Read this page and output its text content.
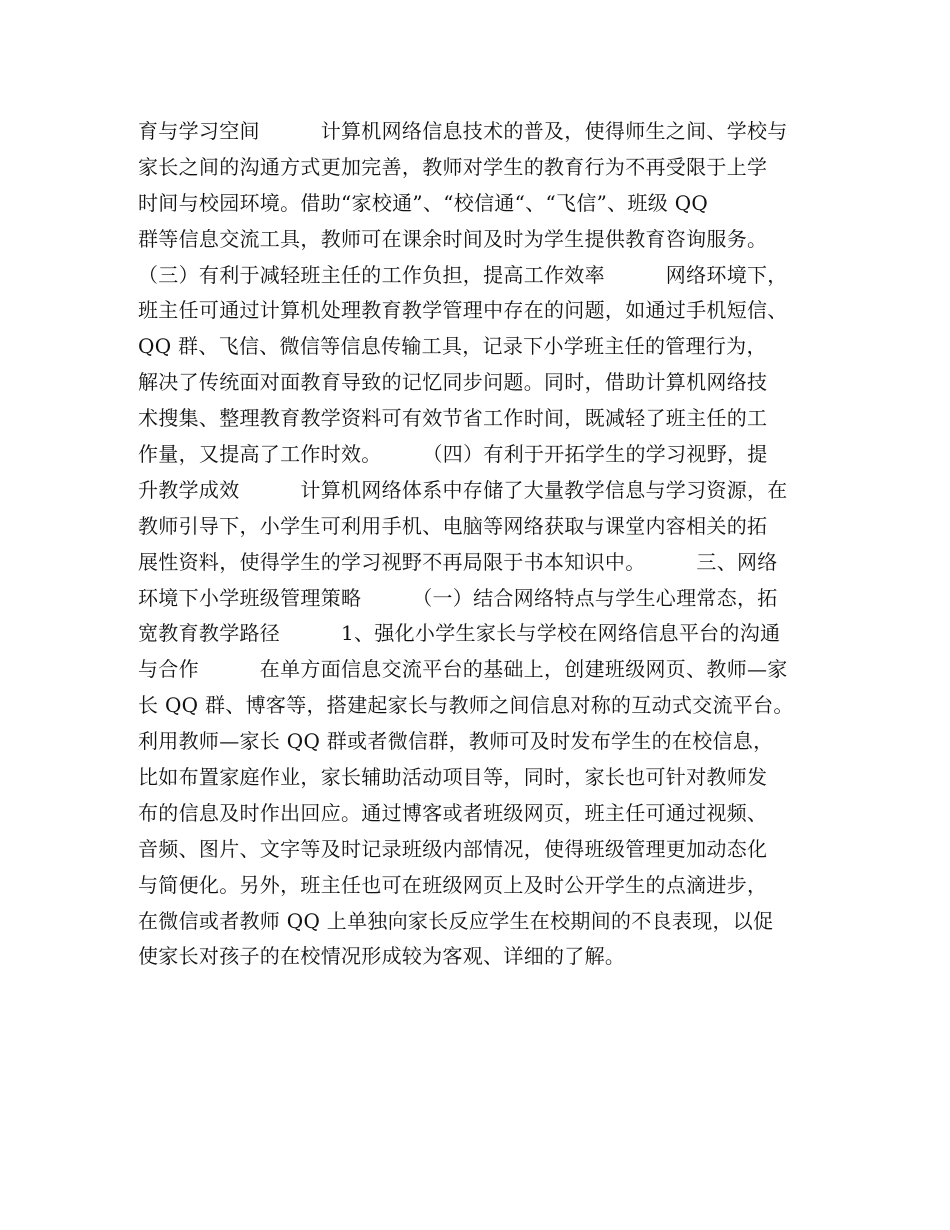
育与学习空间　　　计算机网络信息技术的普及，使得师生之间、学校与
家长之间的沟通方式更加完善，教师对学生的教育行为不再受限于上学
时间与校园环境。借助“家校通”、“校信通“、“飞信”、班级 QQ
群等信息交流工具，教师可在课余时间及时为学生提供教育咨询服务。
（三）有利于减轻班主任的工作负担，提高工作效率　　　网络环境下，
班主任可通过计算机处理教育教学管理中存在的问题，如通过手机短信、
QQ 群、飞信、微信等信息传输工具，记录下小学班主任的管理行为，
解决了传统面对面教育导致的记忆同步问题。同时，借助计算机网络技
术搜集、整理教育教学资料可有效节省工作时间，既减轻了班主任的工
作量，又提高了工作时效。　　　（四）有利于开拓学生的学习视野，提
升教学成效　　　计算机网络体系中存储了大量教学信息与学习资源，在
教师引导下，小学生可利用手机、电脑等网络获取与课堂内容相关的拓
展性资料，使得学生的学习视野不再局限于书本知识中。　　　三、网络
环境下小学班级管理策略　　　（一）结合网络特点与学生心理常态，拓
宽教育教学路径　　　1、强化小学生家长与学校在网络信息平台的沟通
与合作　　　在单方面信息交流平台的基础上，创建班级网页、教师—家
长 QQ 群、博客等，搭建起家长与教师之间信息对称的互动式交流平台。
利用教师—家长 QQ 群或者微信群，教师可及时发布学生的在校信息，
比如布置家庭作业，家长辅助活动项目等，同时，家长也可针对教师发
布的信息及时作出回应。通过博客或者班级网页，班主任可通过视频、
音频、图片、文字等及时记录班级内部情况，使得班级管理更加动态化
与简便化。另外，班主任也可在班级网页上及时公开学生的点滴进步，
在微信或者教师 QQ 上单独向家长反应学生在校期间的不良表现，以促
使家长对孩子的在校情况形成较为客观、详细的了解。
